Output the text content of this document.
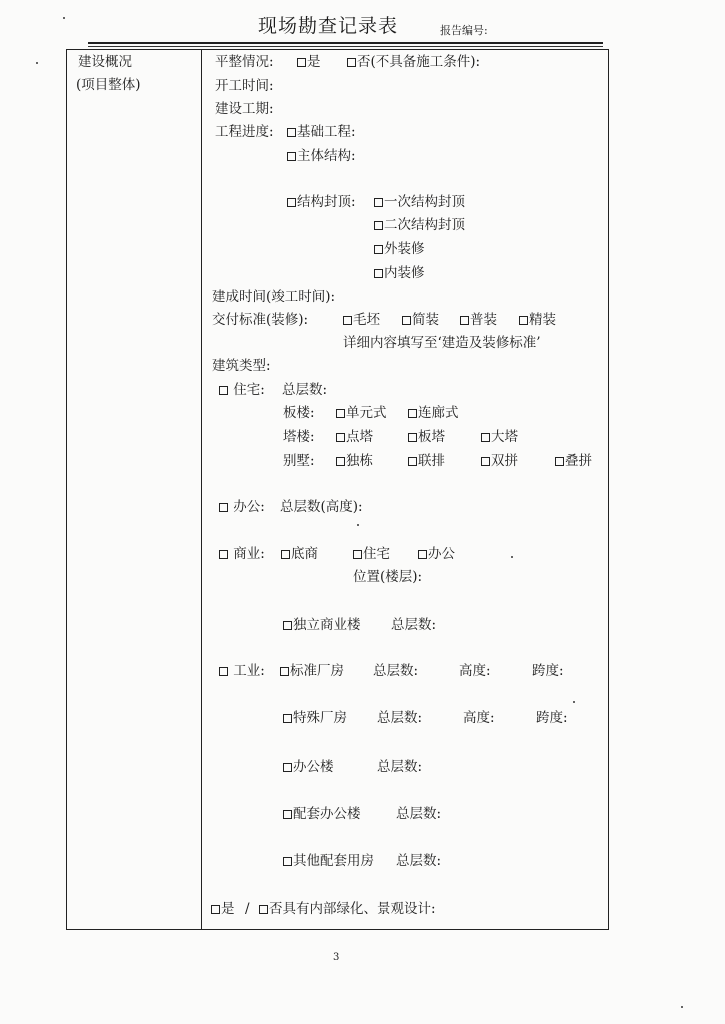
现场勘查记录表	报告编号:
建设概况
(项目整体)
平整情况:	是	否(不具备施工条件):
开工时间:
建设工期:
工程进度:	基础工程:
主体结构:
结构封顶:	一次结构封顶
二次结构封顶
外装修
内装修
建成时间(竣工时间):
交付标准(装修):	毛坯	简装	普装	精装
详细内容填写至‘建造及装修标准’
建筑类型:
住宅: 总层数:
板楼:	单元式	连廊式
塔楼:	点塔	板塔	大塔
别墅:	独栋	联排	双拼	叠拼
办公: 总层数(高度):
商业:	底商	住宅	办公
位置(楼层):
独立商业楼 总层数:
工业:	标准厂房 总层数:	高度:	跨度:
特殊厂房 总层数:	高度:	跨度:
办公楼	总层数:
配套办公楼	总层数:
其他配套用房 总层数:
是 /	否具有内部绿化、景观设计:
3
